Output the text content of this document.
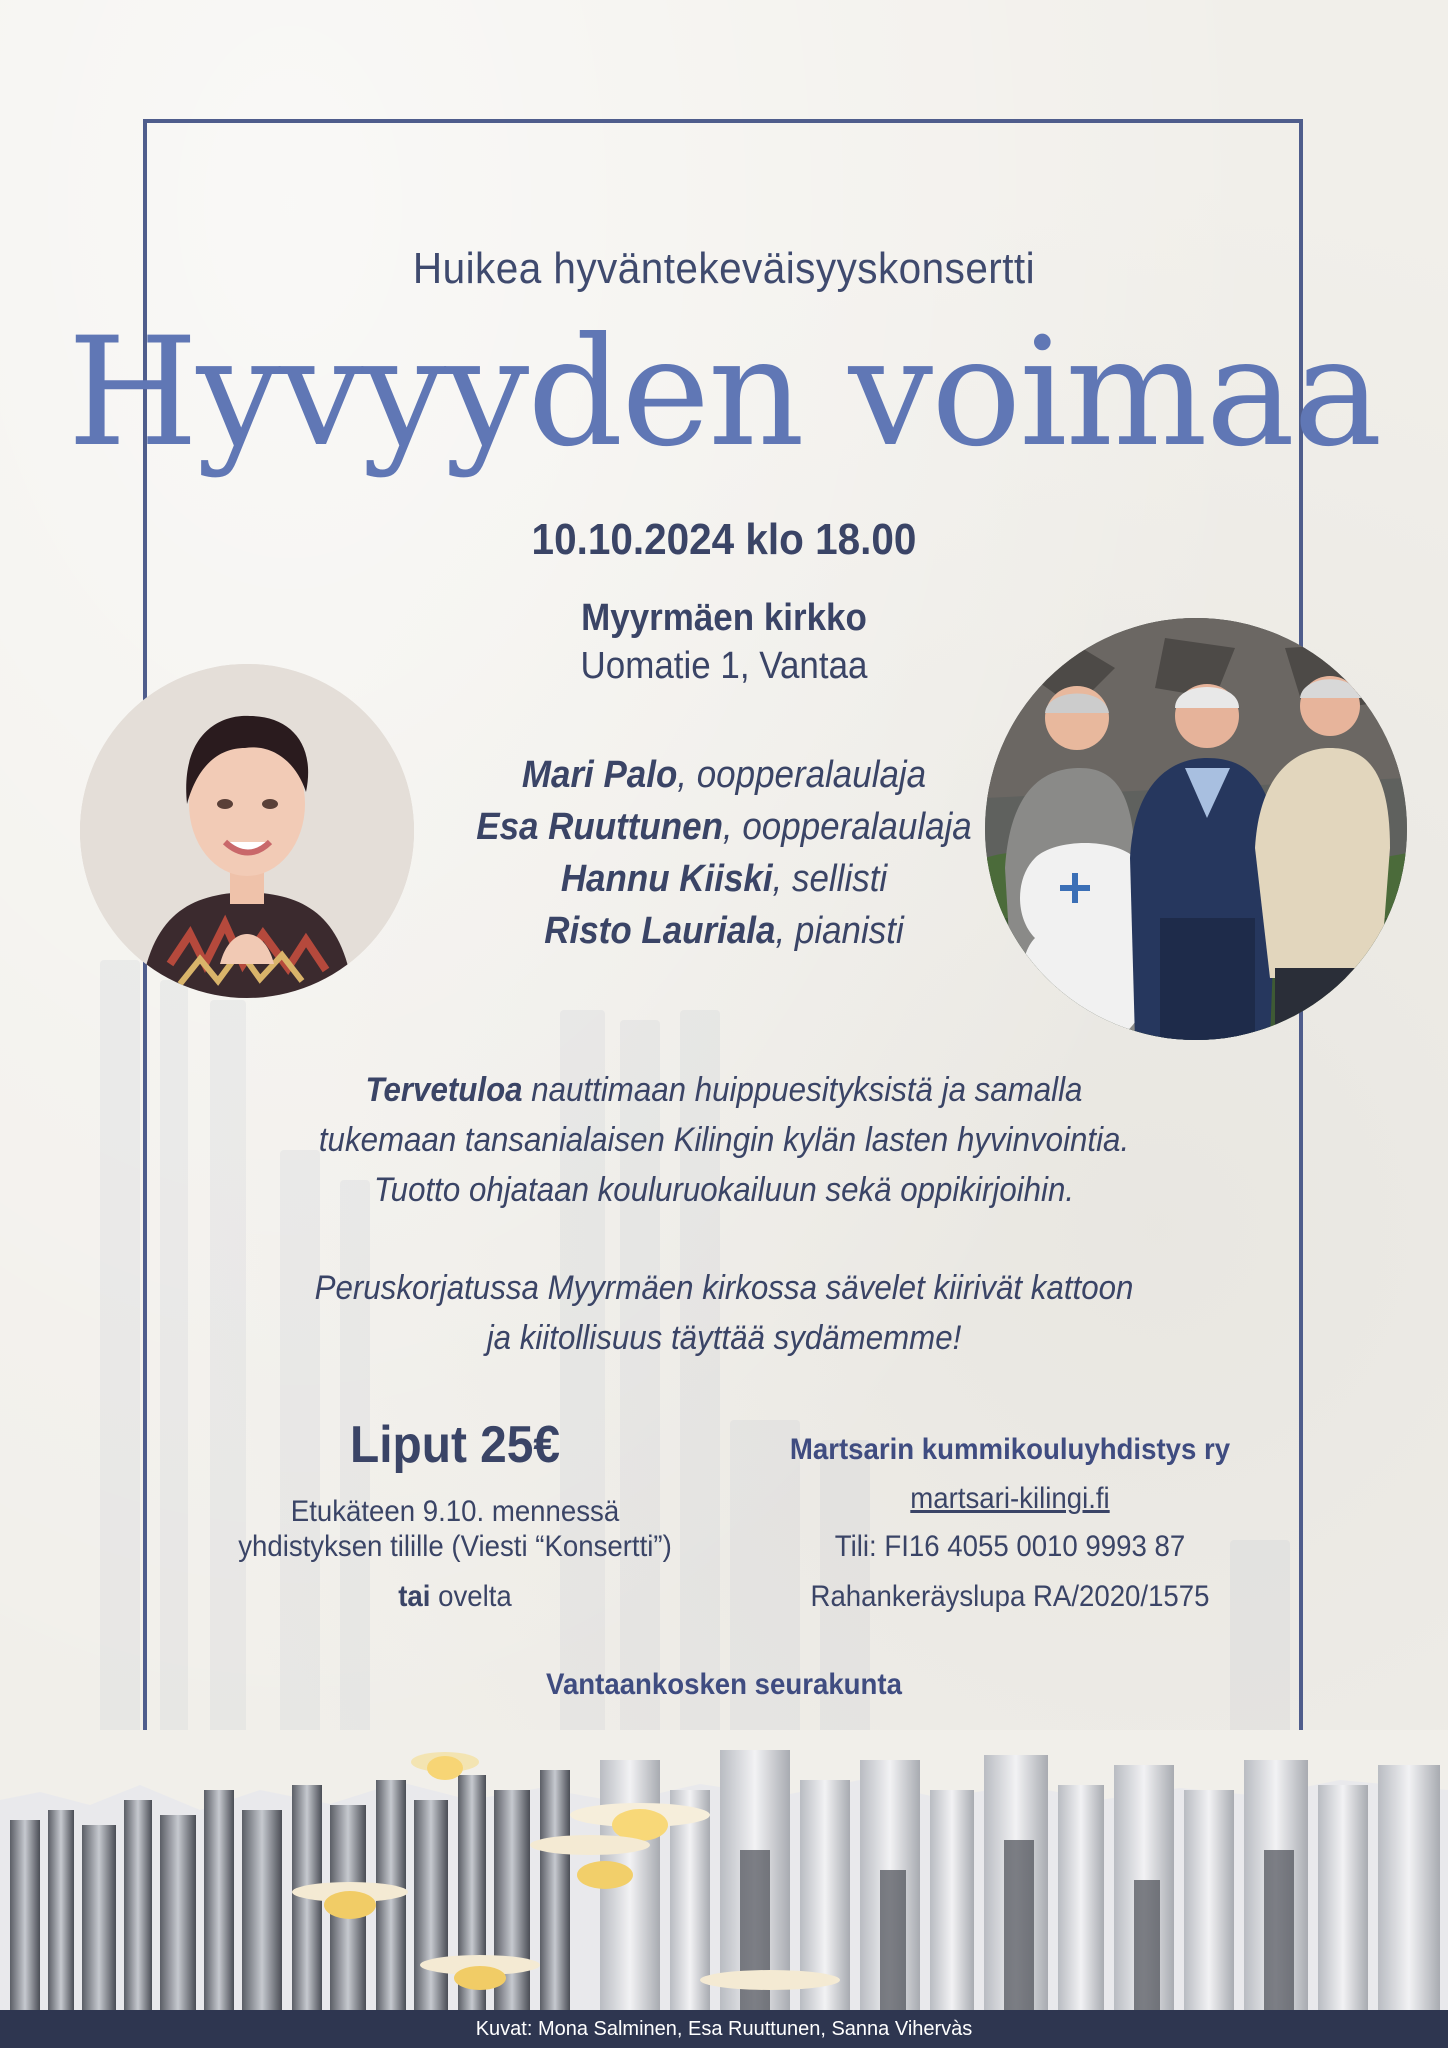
Huikea hyväntekeväisyyskonsertti
Hyvyyden voimaa
10.10.2024 klo 18.00
Myyrmäen kirkko
Uomatie 1, Vantaa
Mari Palo, oopperalaulaja
Esa Ruuttunen, oopperalaulaja
Hannu Kiiski, sellisti
Risto Lauriala, pianisti
Tervetuloa nauttimaan huippuesityksistä ja samalla
tukemaan tansanialaisen Kilingin kylän lasten hyvinvointia.
Tuotto ohjataan kouluruokailuun sekä oppikirjoihin.
Peruskorjatussa Myyrmäen kirkossa sävelet kiirivät kattoon
ja kiitollisuus täyttää sydämemme!
Liput 25€
Etukäteen 9.10. mennessä
yhdistyksen tilille (Viesti “Konsertti”)
tai ovelta
Martsarin kummikouluyhdistys ry
martsari-kilingi.fi
Tili: FI16 4055 0010 9993 87
Rahankeräyslupa RA/2020/1575
Vantaankosken seurakunta
Kuvat: Mona Salminen, Esa Ruuttunen, Sanna Vihervàs
